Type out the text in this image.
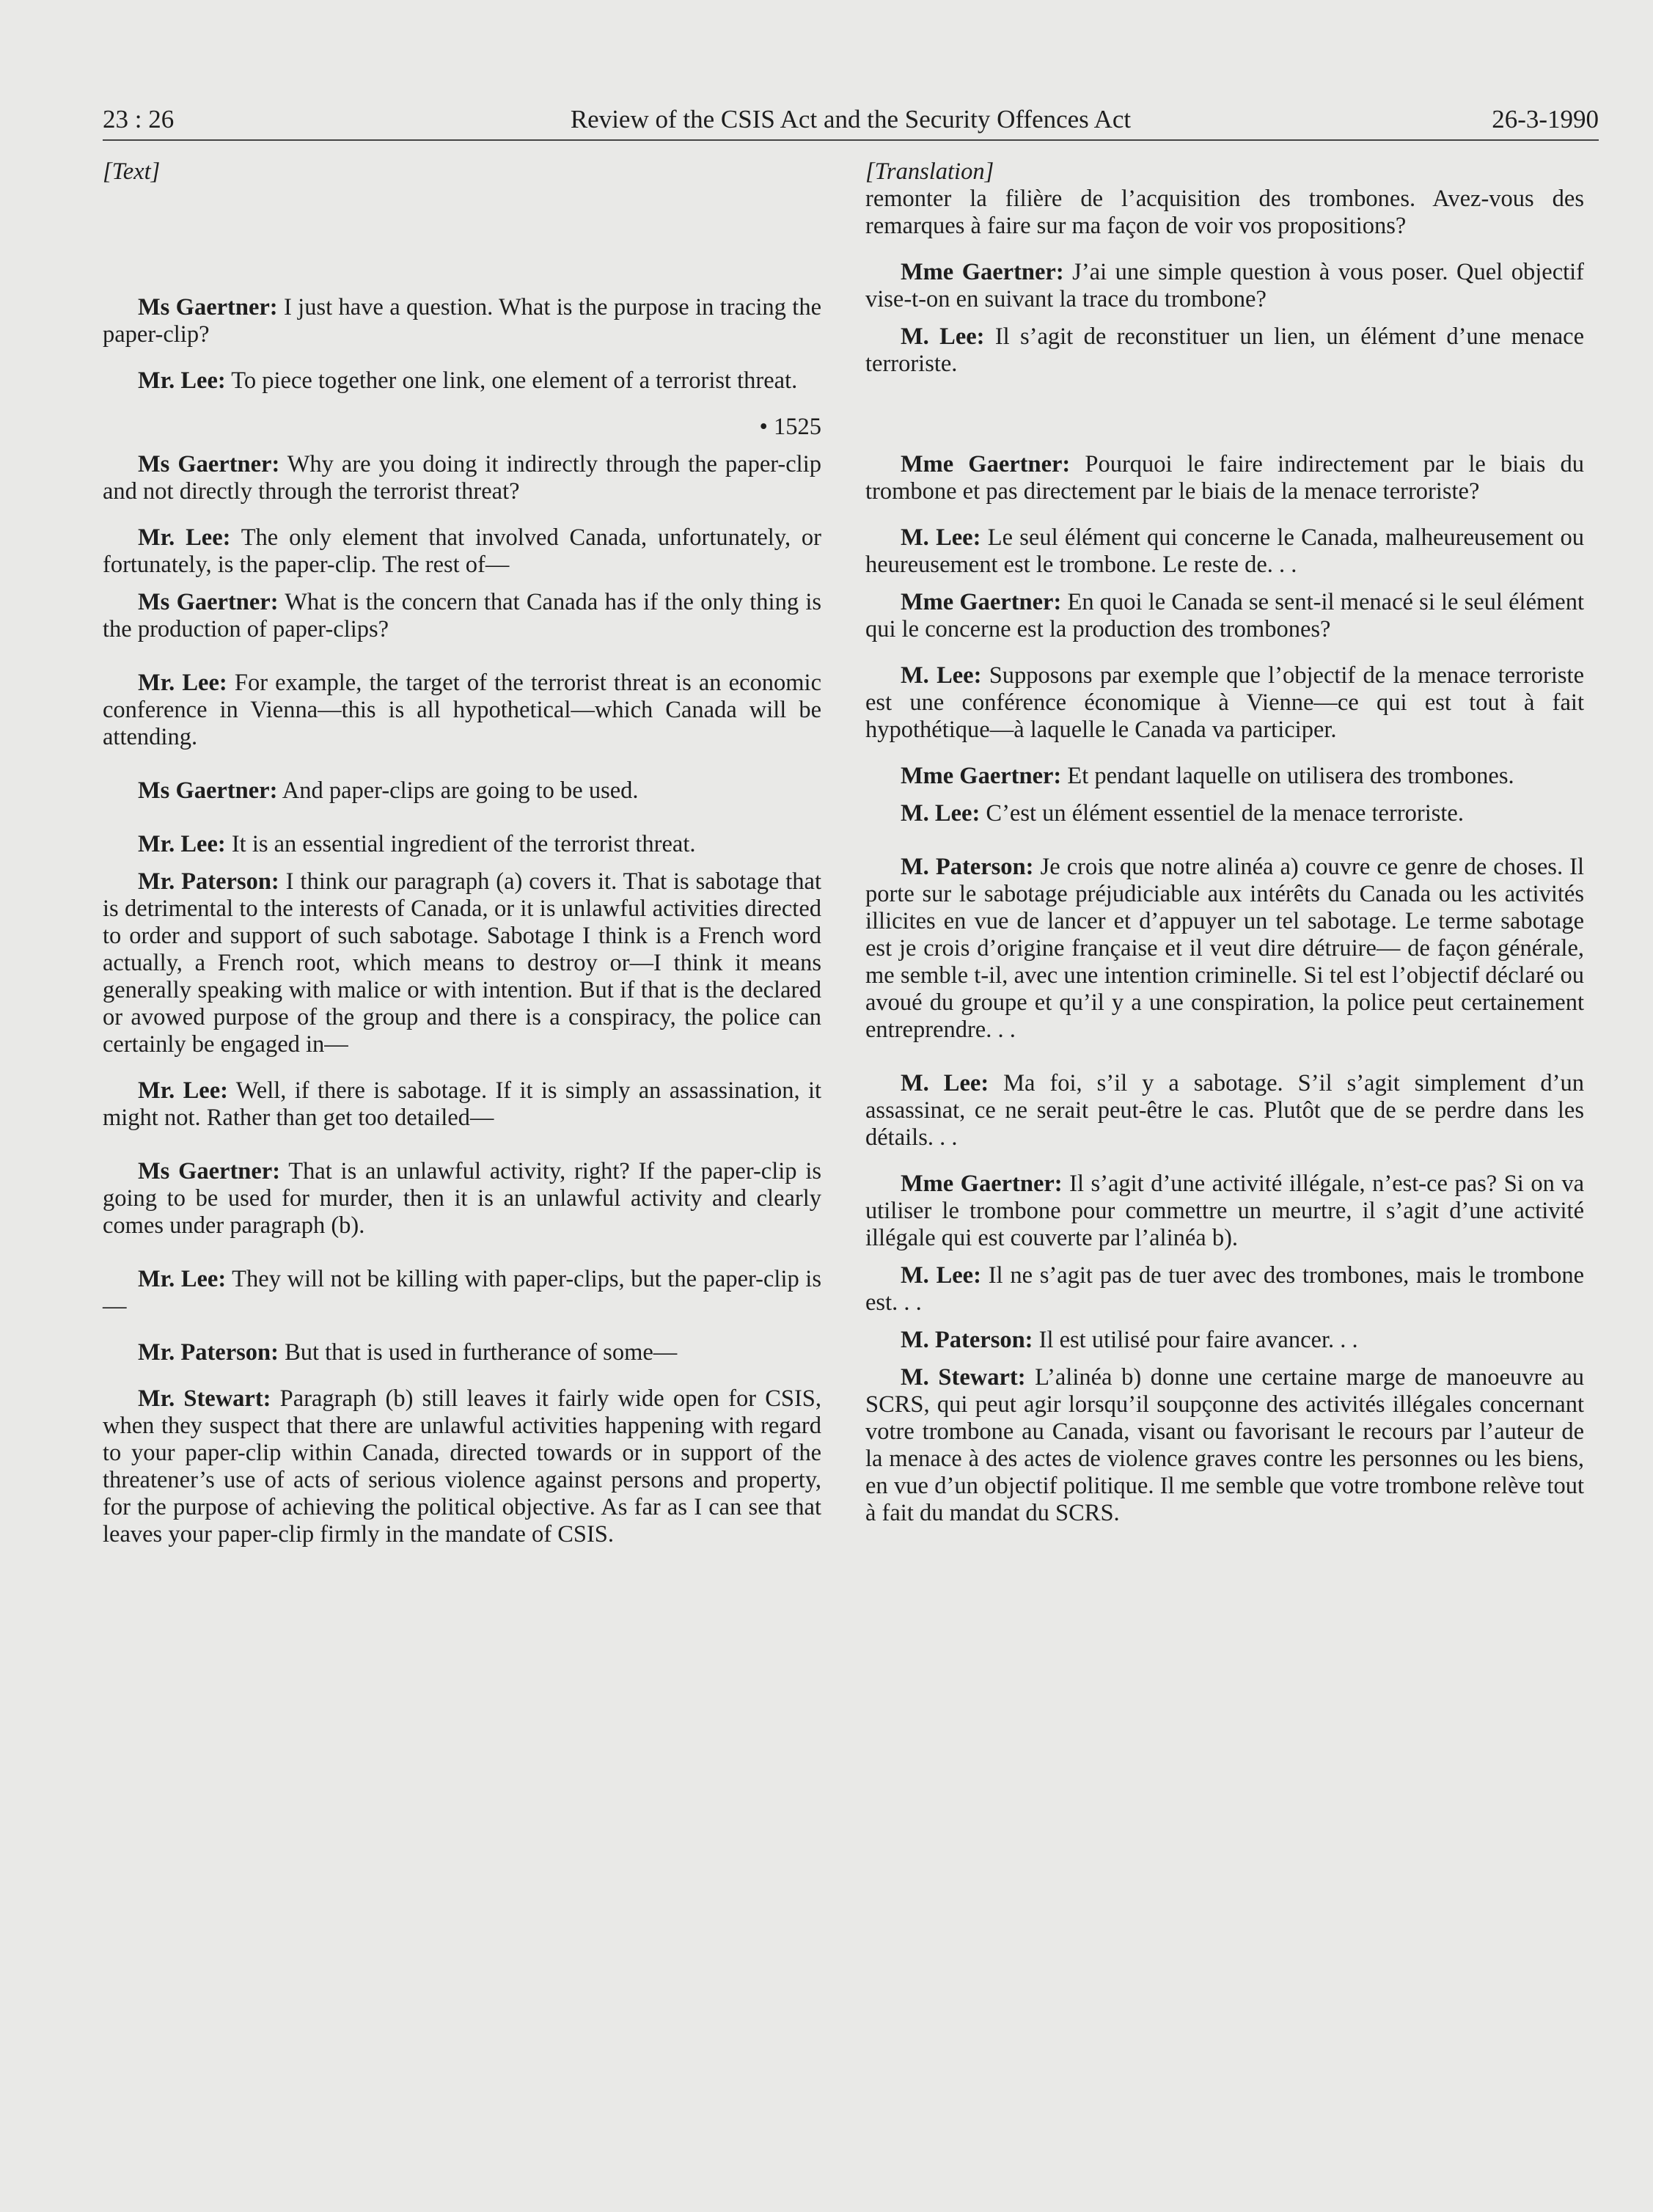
23 : 26	Review of the CSIS Act and the Security Offences Act	26-3-1990

[Text]

Ms Gaertner: I just have a question. What is the purpose in tracing the paper-clip?

Mr. Lee: To piece together one link, one element of a terrorist threat.

• 1525

Ms Gaertner: Why are you doing it indirectly through the paper-clip and not directly through the terrorist threat?

Mr. Lee: The only element that involved Canada, unfortunately, or fortunately, is the paper-clip. The rest of—

Ms Gaertner: What is the concern that Canada has if the only thing is the production of paper-clips?

Mr. Lee: For example, the target of the terrorist threat is an economic conference in Vienna—this is all hypothetical—which Canada will be attending.

Ms Gaertner: And paper-clips are going to be used.

Mr. Lee: It is an essential ingredient of the terrorist threat.

Mr. Paterson: I think our paragraph (a) covers it. That is sabotage that is detrimental to the interests of Canada, or it is unlawful activities directed to order and support of such sabotage. Sabotage I think is a French word actually, a French root, which means to destroy or—I think it means generally speaking with malice or with intention. But if that is the declared or avowed purpose of the group and there is a conspiracy, the police can certainly be engaged in—

Mr. Lee: Well, if there is sabotage. If it is simply an assassination, it might not. Rather than get too detailed—

Ms Gaertner: That is an unlawful activity, right? If the paper-clip is going to be used for murder, then it is an unlawful activity and clearly comes under paragraph (b).

Mr. Lee: They will not be killing with paper-clips, but the paper-clip is—

Mr. Paterson: But that is used in furtherance of some—

Mr. Stewart: Paragraph (b) still leaves it fairly wide open for CSIS, when they suspect that there are unlawful activities happening with regard to your paper-clip within Canada, directed towards or in support of the threatener’s use of acts of serious violence against persons and property, for the purpose of achieving the political objective. As far as I can see that leaves your paper-clip firmly in the mandate of CSIS.

[Translation]

remonter la filière de l’acquisition des trombones. Avez-vous des remarques à faire sur ma façon de voir vos propositions?

Mme Gaertner: J’ai une simple question à vous poser. Quel objectif vise-t-on en suivant la trace du trombone?

M. Lee: Il s’agit de reconstituer un lien, un élément d’une menace terroriste.

Mme Gaertner: Pourquoi le faire indirectement par le biais du trombone et pas directement par le biais de la menace terroriste?

M. Lee: Le seul élément qui concerne le Canada, malheureusement ou heureusement est le trombone. Le reste de. . .

Mme Gaertner: En quoi le Canada se sent-il menacé si le seul élément qui le concerne est la production des trombones?

M. Lee: Supposons par exemple que l’objectif de la menace terroriste est une conférence économique à Vienne—ce qui est tout à fait hypothétique—à laquelle le Canada va participer.

Mme Gaertner: Et pendant laquelle on utilisera des trombones.

M. Lee: C’est un élément essentiel de la menace terroriste.

M. Paterson: Je crois que notre alinéa a) couvre ce genre de choses. Il porte sur le sabotage préjudiciable aux intérêts du Canada ou les activités illicites en vue de lancer et d’appuyer un tel sabotage. Le terme sabotage est je crois d’origine française et il veut dire détruire— de façon générale, me semble t-il, avec une intention criminelle. Si tel est l’objectif déclaré ou avoué du groupe et qu’il y a une conspiration, la police peut certainement entreprendre. . .

M. Lee: Ma foi, s’il y a sabotage. S’il s’agit simplement d’un assassinat, ce ne serait peut-être le cas. Plutôt que de se perdre dans les détails. . .

Mme Gaertner: Il s’agit d’une activité illégale, n’est-ce pas? Si on va utiliser le trombone pour commettre un meurtre, il s’agit d’une activité illégale qui est couverte par l’alinéa b).

M. Lee: Il ne s’agit pas de tuer avec des trombones, mais le trombone est. . .

M. Paterson: Il est utilisé pour faire avancer. . .

M. Stewart: L’alinéa b) donne une certaine marge de manoeuvre au SCRS, qui peut agir lorsqu’il soupçonne des activités illégales concernant votre trombone au Canada, visant ou favorisant le recours par l’auteur de la menace à des actes de violence graves contre les personnes ou les biens, en vue d’un objectif politique. Il me semble que votre trombone relève tout à fait du mandat du SCRS.
